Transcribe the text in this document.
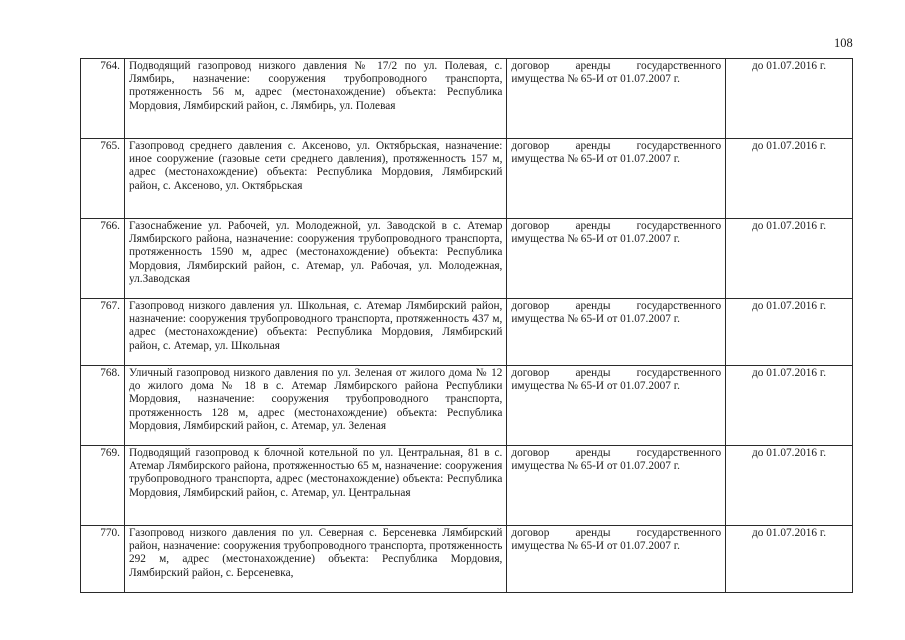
108
764.	Подводящий газопровод низкого давления № 17/2 по ул. Полевая, с. Лямбирь, назначение: сооружения трубопроводного транспорта, протяженность 56 м, адрес (местонахождение) объекта: Республика Мордовия, Лямбирский район, с. Лямбирь, ул. Полевая	договор аренды государственного имущества № 65-И от 01.07.2007 г.	до 01.07.2016 г.
765.	Газопровод среднего давления с. Аксеново, ул. Октябрьская, назначение: иное сооружение (газовые сети среднего давления), протяженность 157 м, адрес (местонахождение) объекта: Республика Мордовия, Лямбирский район, с. Аксеново, ул. Октябрьская	договор аренды государственного имущества № 65-И от 01.07.2007 г.	до 01.07.2016 г.
766.	Газоснабжение ул. Рабочей, ул. Молодежной, ул. Заводской в с. Атемар Лямбирского района, назначение: сооружения трубопроводного транспорта, протяженность 1590 м, адрес (местонахождение) объекта: Республика Мордовия, Лямбирский район, с. Атемар, ул. Рабочая, ул. Молодежная, ул.Заводская	договор аренды государственного имущества № 65-И от 01.07.2007 г.	до 01.07.2016 г.
767.	Газопровод низкого давления ул. Школьная, с. Атемар Лямбирский район, назначение: сооружения трубопроводного транспорта, протяженность 437 м, адрес (местонахождение) объекта: Республика Мордовия, Лямбирский район, с. Атемар, ул. Школьная	договор аренды государственного имущества № 65-И от 01.07.2007 г.	до 01.07.2016 г.
768.	Уличный газопровод низкого давления по ул. Зеленая от жилого дома № 12 до жилого дома № 18 в с. Атемар Лямбирского района Республики Мордовия, назначение: сооружения трубопроводного транспорта, протяженность 128 м, адрес (местонахождение) объекта: Республика Мордовия, Лямбирский район, с. Атемар, ул. Зеленая	договор аренды государственного имущества № 65-И от 01.07.2007 г.	до 01.07.2016 г.
769.	Подводящий газопровод к блочной котельной по ул. Центральная, 81 в с. Атемар Лямбирского района, протяженностью 65 м, назначение: сооружения трубопроводного транспорта, адрес (местонахождение) объекта: Республика Мордовия, Лямбирский район, с. Атемар, ул. Центральная	договор аренды государственного имущества № 65-И от 01.07.2007 г.	до 01.07.2016 г.
770.	Газопровод низкого давления по ул. Северная с. Берсеневка Лямбирский район, назначение: сооружения трубопроводного транспорта, протяженность 292 м, адрес (местонахождение) объекта: Республика Мордовия, Лямбирский район, с. Берсеневка,	договор аренды государственного имущества № 65-И от 01.07.2007 г.	до 01.07.2016 г.
